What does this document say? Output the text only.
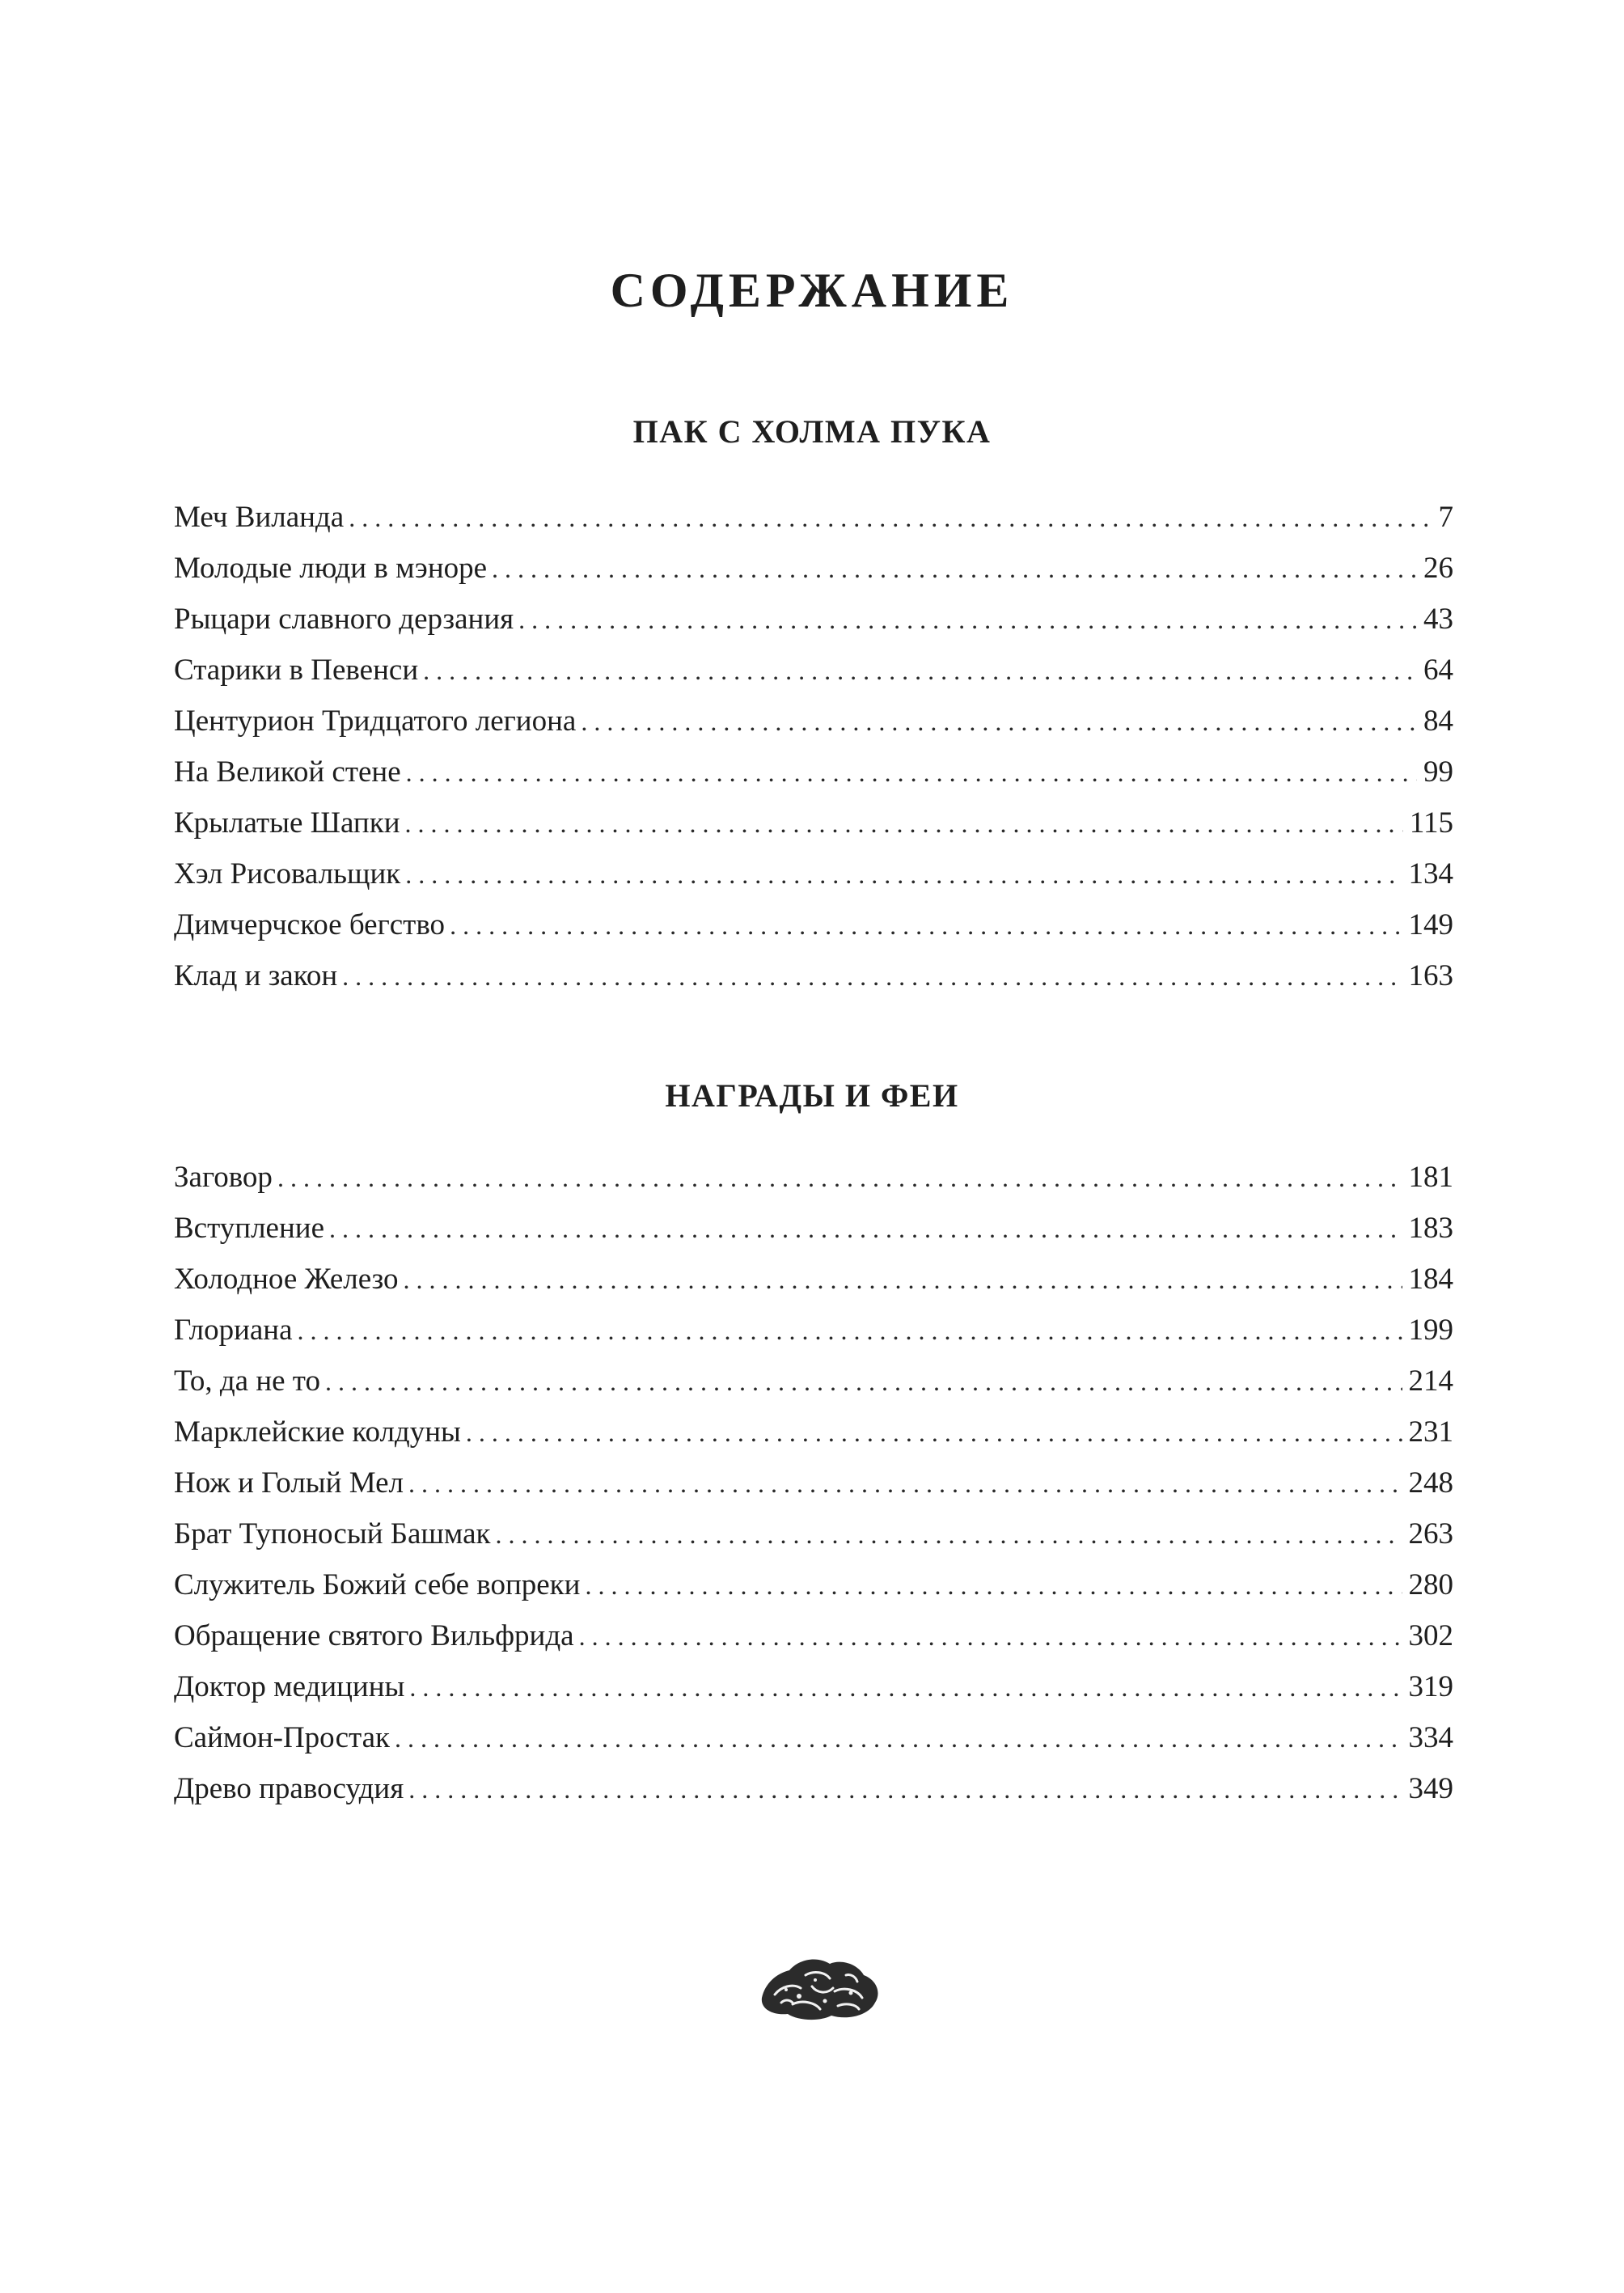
СОДЕРЖАНИЕ
ПАК С ХОЛМА ПУКА
Меч Виланда . . .	7
Молодые люди в мэноре . . .	26
Рыцари славного дерзания . . .	43
Старики в Певенси . . .	64
Центурион Тридцатого легиона . . .	84
На Великой стене . . .	99
Крылатые Шапки . . .	115
Хэл Рисовальщик . . .	134
Димчерчское бегство . . .	149
Клад и закон . . .	163
НАГРАДЫ И ФЕИ
Заговор . . .	181
Вступление . . .	183
Холодное Железо . . .	184
Глориана . . .	199
То, да не то . . .	214
Марклейские колдуны . . .	231
Нож и Голый Мел . . .	248
Брат Тупоносый Башмак . . .	263
Служитель Божий себе вопреки . . .	280
Обращение святого Вильфрида . . .	302
Доктор медицины . . .	319
Саймон-Простак . . .	334
Древо правосудия . . .	349
